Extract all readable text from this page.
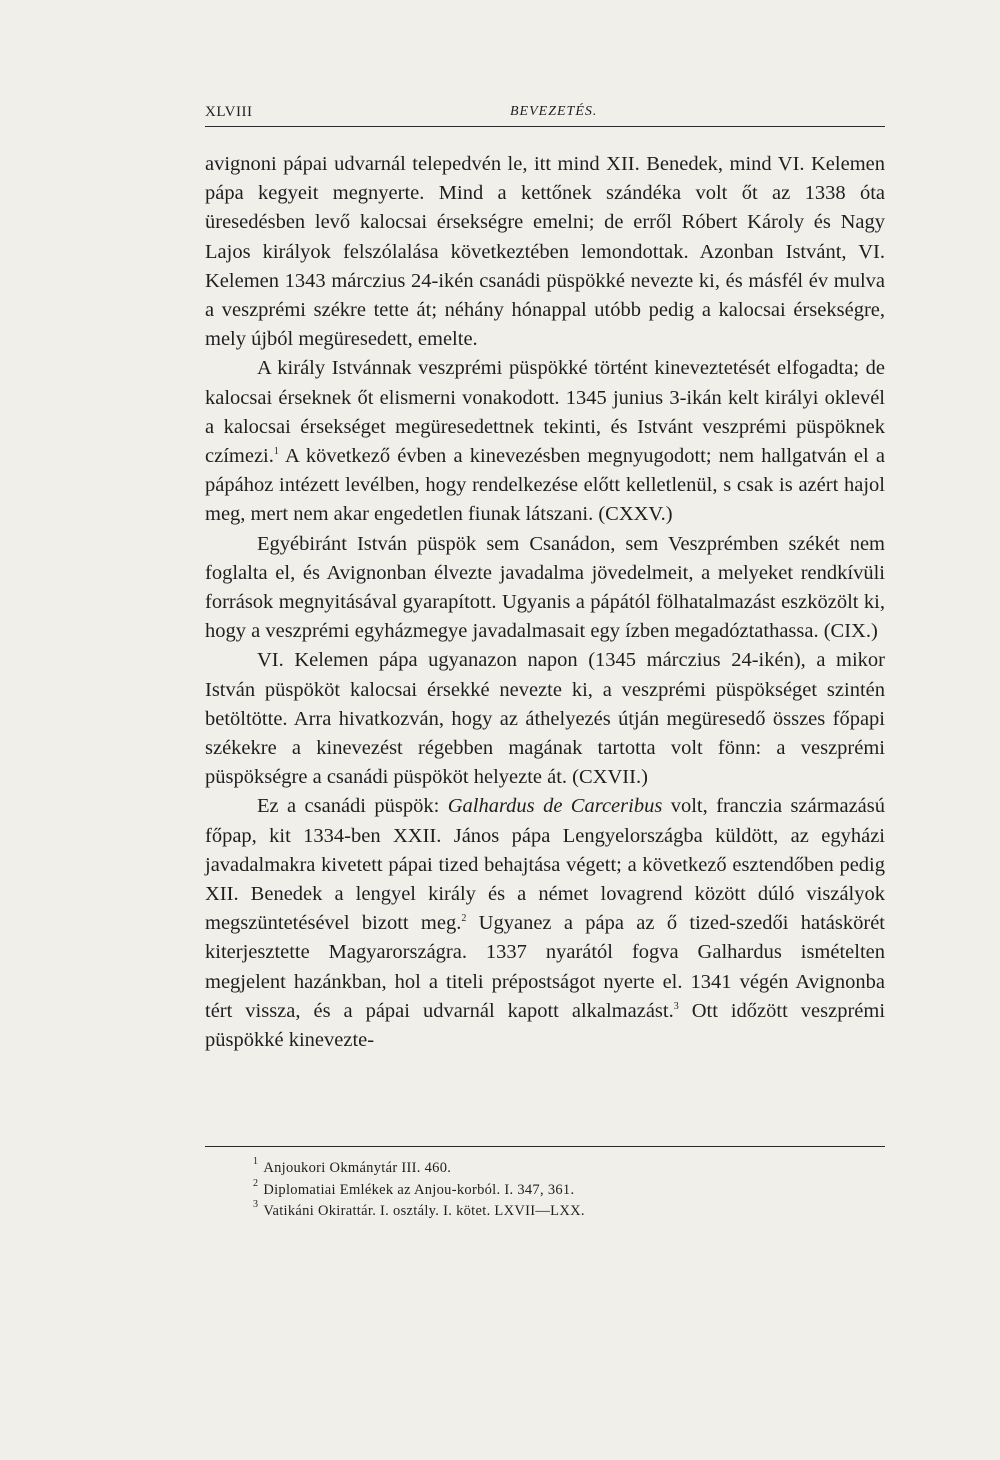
XLVIII	BEVEZETÉS.

avignoni pápai udvarnál telepedvén le, itt mind XII. Benedek, mind VI. Kelemen pápa kegyeit megnyerte. Mind a kettőnek szándéka volt őt az 1338 óta üresedésben levő kalocsai érsekségre emelni; de erről Róbert Károly és Nagy Lajos királyok felszólalása következtében lemondottak. Azonban Istvánt, VI. Kelemen 1343 márczius 24-ikén csanádi püspökké nevezte ki, és másfél év mulva a veszprémi székre tette át; néhány hónappal utóbb pedig a kalocsai érsekségre, mely újból megüresedett, emelte.

A király Istvánnak veszprémi püspökké történt kineveztetését elfogadta; de kalocsai érseknek őt elismerni vonakodott. 1345 junius 3-ikán kelt királyi oklevél a kalocsai érsekséget megüresedettnek tekinti, és Istvánt veszprémi püspöknek czímezi.$^1$ A következő évben a kinevezésben megnyugodott; nem hallgatván el a pápához intézett levélben, hogy rendelkezése előtt kelletlenül, s csak is azért hajol meg, mert nem akar engedetlen fiunak látszani. (CXXV.)

Egyébiránt István püspök sem Csanádon, sem Veszprémben székét nem foglalta el, és Avignonban élvezte javadalma jövedelmeit, a melyeket rendkívüli források megnyitásával gyarapított. Ugyanis a pápától fölhatalmazást eszközölt ki, hogy a veszprémi egyházmegye javadalmasait egy ízben megadóztathassa. (CIX.)

VI. Kelemen pápa ugyanazon napon (1345 márczius 24-ikén), a mikor István püspököt kalocsai érsekké nevezte ki, a veszprémi püspökséget szintén betöltötte. Arra hivatkozván, hogy az áthelyezés útján megüresedő összes főpapi székekre a kinevezést régebben magának tartotta volt fönn: a veszprémi püspökségre a csanádi püspököt helyezte át. (CXVII.)

Ez a csanádi püspök: Galhardus de Carceribus volt, franczia származású főpap, kit 1334-ben XXII. János pápa Lengyelországba küldött, az egyházi javadalmakra kivetett pápai tized behajtása végett; a következő esztendőben pedig XII. Benedek a lengyel király és a német lovagrend között dúló viszályok megszüntetésével bizott meg.$^2$ Ugyanez a pápa az ő tized-szedői hatáskörét kiterjesztette Magyarországra. 1337 nyarától fogva Galhardus ismételten megjelent hazánkban, hol a titeli prépostságot nyerte el. 1341 végén Avignonba tért vissza, és a pápai udvarnál kapott alkalmazást.$^3$ Ott időzött veszprémi püspökké kinevezte-

$^1$ Anjoukori Okmánytár III. 460.
$^2$ Diplomatiai Emlékek az Anjou-korból. I. 347, 361.
$^3$ Vatikáni Okirattár. I. osztály. I. kötet. LXVII—LXX.
